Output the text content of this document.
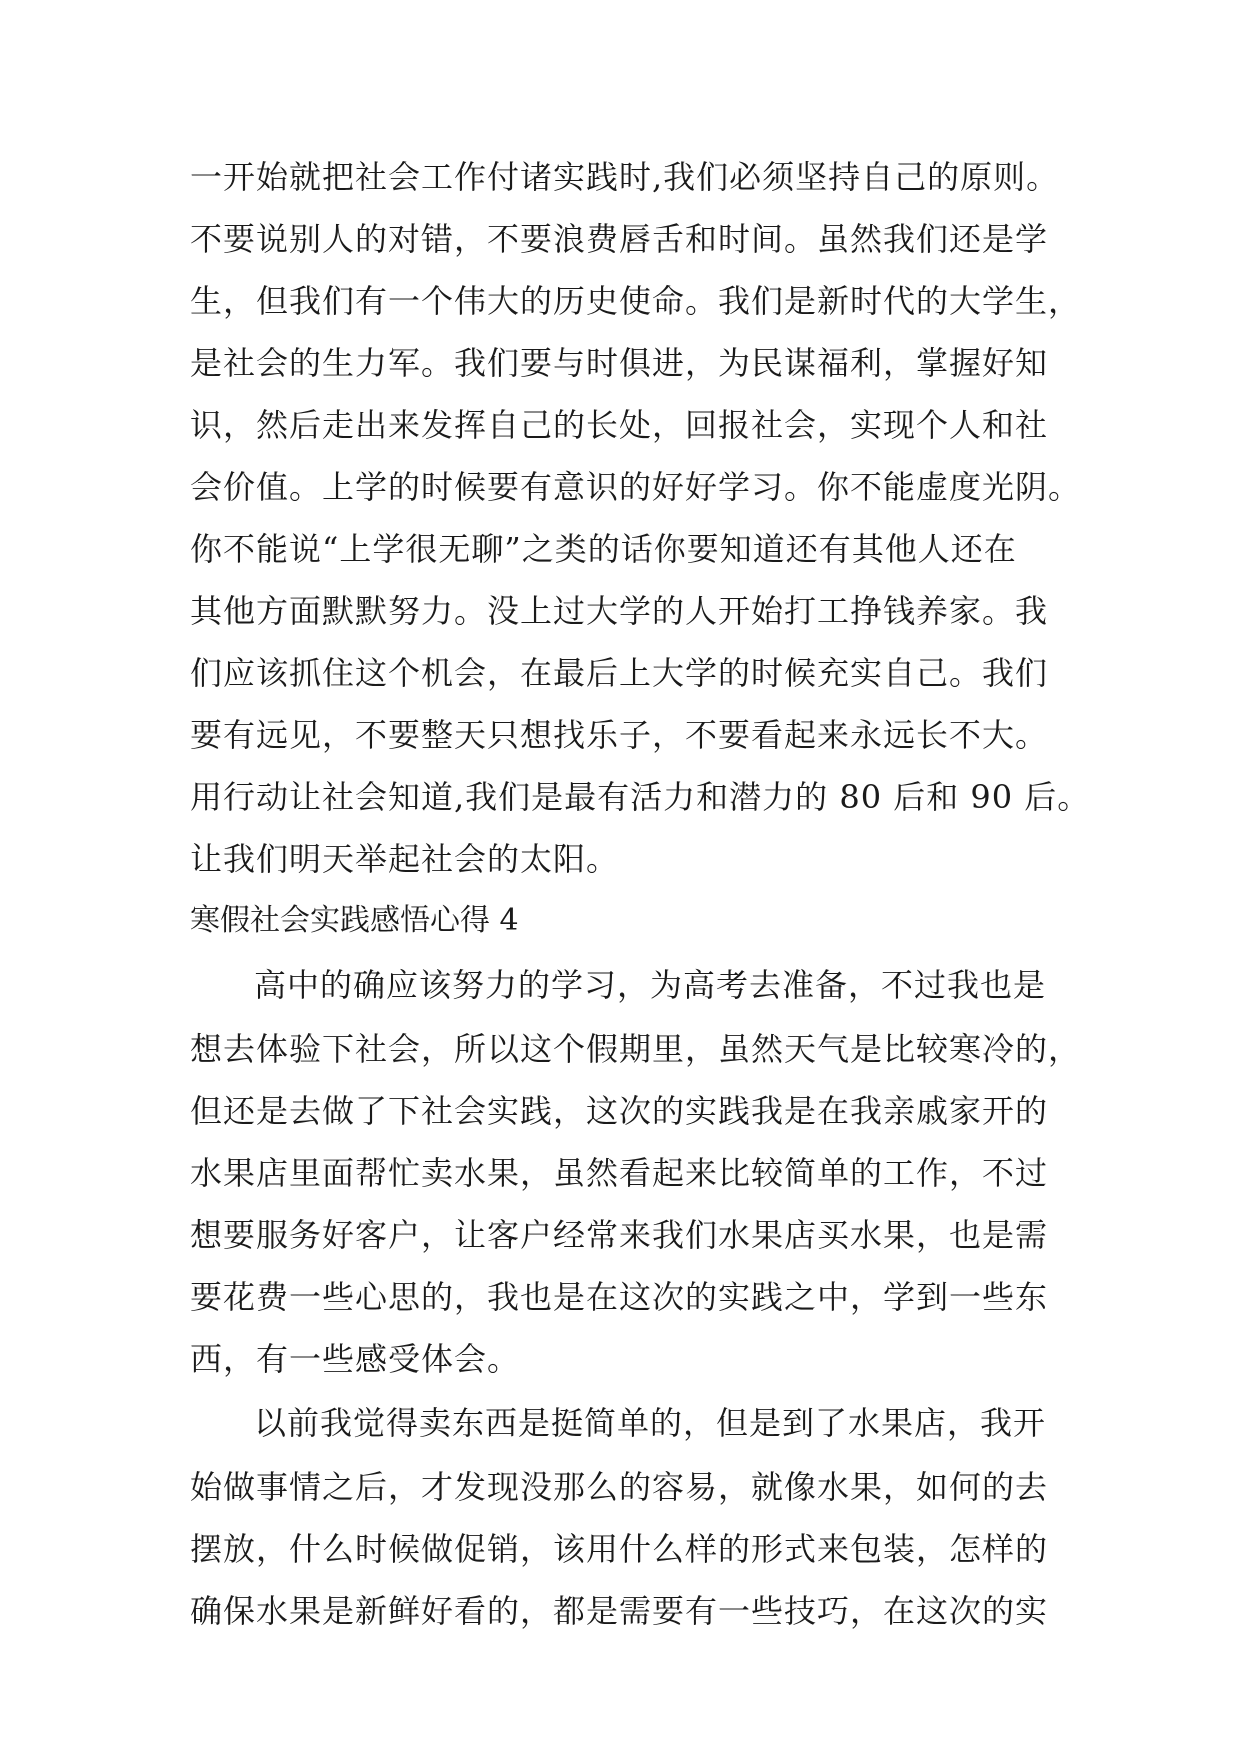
一开始就把社会工作付诸实践时,我们必须坚持自己的原则。
不要说别人的对错，不要浪费唇舌和时间。虽然我们还是学
生，但我们有一个伟大的历史使命。我们是新时代的大学生，
是社会的生力军。我们要与时俱进，为民谋福利，掌握好知
识，然后走出来发挥自己的长处，回报社会，实现个人和社
会价值。上学的时候要有意识的好好学习。你不能虚度光阴。
你不能说“上学很无聊”之类的话你要知道还有其他人还在
其他方面默默努力。没上过大学的人开始打工挣钱养家。我
们应该抓住这个机会，在最后上大学的时候充实自己。我们
要有远见，不要整天只想找乐子，不要看起来永远长不大。
用行动让社会知道,我们是最有活力和潜力的 80 后和 90 后。
让我们明天举起社会的太阳。
寒假社会实践感悟心得 4
高中的确应该努力的学习，为高考去准备，不过我也是
想去体验下社会，所以这个假期里，虽然天气是比较寒冷的，
但还是去做了下社会实践，这次的实践我是在我亲戚家开的
水果店里面帮忙卖水果，虽然看起来比较简单的工作，不过
想要服务好客户，让客户经常来我们水果店买水果，也是需
要花费一些心思的，我也是在这次的实践之中，学到一些东
西，有一些感受体会。
以前我觉得卖东西是挺简单的，但是到了水果店，我开
始做事情之后，才发现没那么的容易，就像水果，如何的去
摆放，什么时候做促销，该用什么样的形式来包装，怎样的
确保水果是新鲜好看的，都是需要有一些技巧，在这次的实
